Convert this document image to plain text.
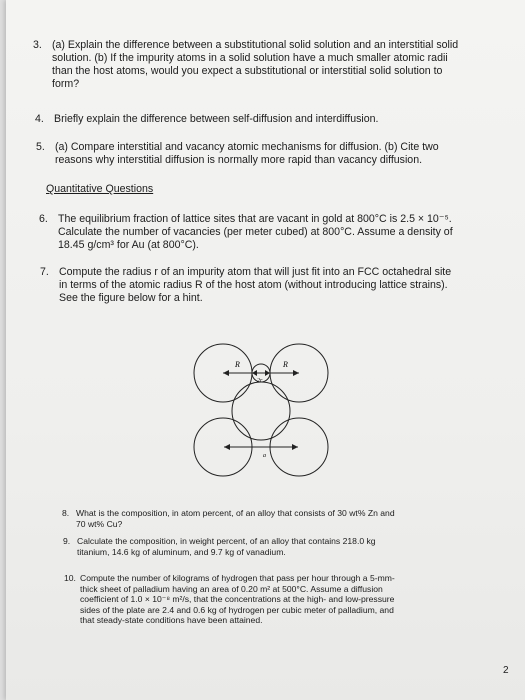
3. (a) Explain the difference between a substitutional solid solution and an interstitial solid
solution. (b) If the impurity atoms in a solid solution have a much smaller atomic radii
than the host atoms, would you expect a substitutional or interstitial solid solution to
form?
4. Briefly explain the difference between self-diffusion and interdiffusion.
5. (a) Compare interstitial and vacancy atomic mechanisms for diffusion. (b) Cite two
reasons why interstitial diffusion is normally more rapid than vacancy diffusion.
Quantitative Questions
6. The equilibrium fraction of lattice sites that are vacant in gold at 800°C is 2.5 × 10⁻⁵.
Calculate the number of vacancies (per meter cubed) at 800°C. Assume a density of
18.45 g/cm³ for Au (at 800°C).
7. Compute the radius r of an impurity atom that will just fit into an FCC octahedral site
in terms of the atomic radius R of the host atom (without introducing lattice strains).
See the figure below for a hint.
R	R
2r
a
8. What is the composition, in atom percent, of an alloy that consists of 30 wt% Zn and
70 wt% Cu?
9. Calculate the composition, in weight percent, of an alloy that contains 218.0 kg
titanium, 14.6 kg of aluminum, and 9.7 kg of vanadium.
10. Compute the number of kilograms of hydrogen that pass per hour through a 5-mm-
thick sheet of palladium having an area of 0.20 m² at 500°C. Assume a diffusion
coefficient of 1.0 × 10⁻⁸ m²/s, that the concentrations at the high- and low-pressure
sides of the plate are 2.4 and 0.6 kg of hydrogen per cubic meter of palladium, and
that steady-state conditions have been attained.
2
